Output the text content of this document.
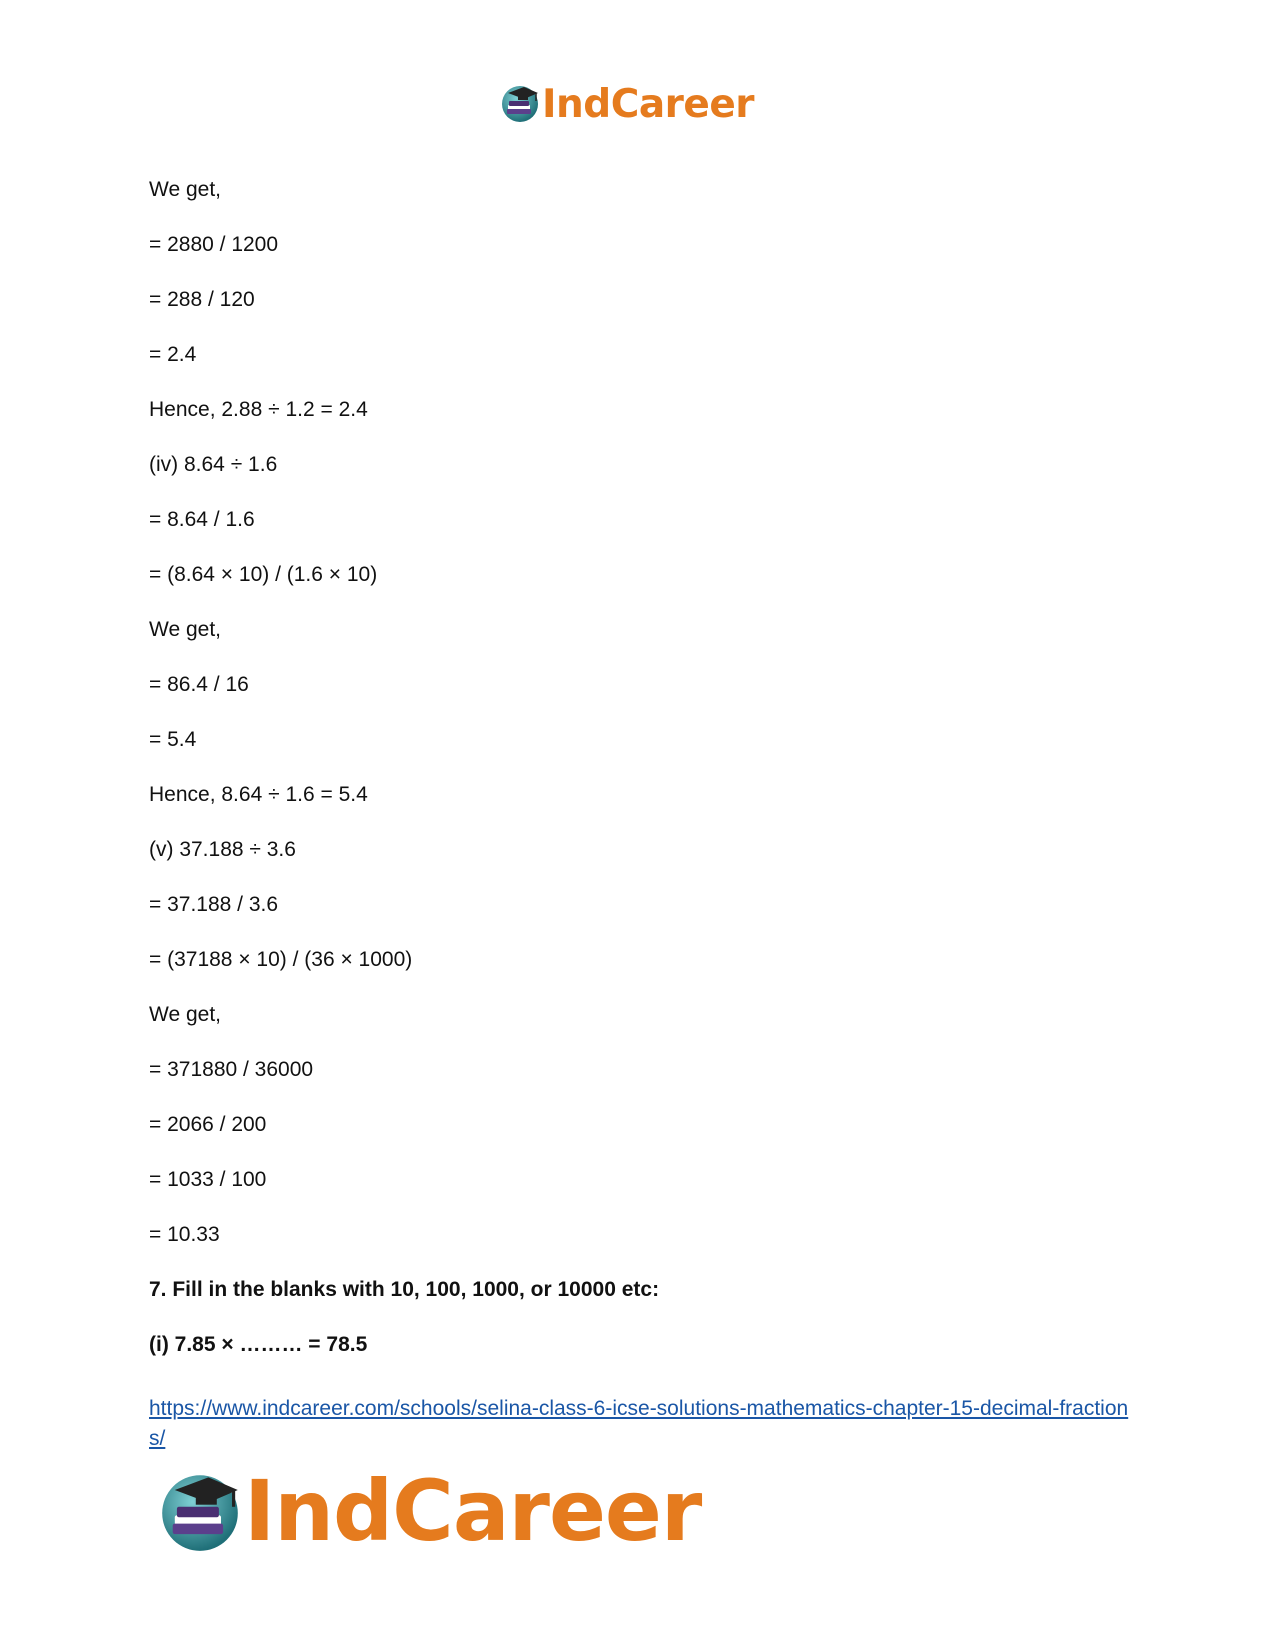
IndCareer
We get,
= 2880 / 1200
= 288 / 120
= 2.4
Hence, 2.88 ÷ 1.2 = 2.4
(iv) 8.64 ÷ 1.6
= 8.64 / 1.6
= (8.64 × 10) / (1.6 × 10)
We get,
= 86.4 / 16
= 5.4
Hence, 8.64 ÷ 1.6 = 5.4
(v) 37.188 ÷ 3.6
= 37.188 / 3.6
= (37188 × 10) / (36 × 1000)
We get,
= 371880 / 36000
= 2066 / 200
= 1033 / 100
= 10.33
7. Fill in the blanks with 10, 100, 1000, or 10000 etc:
(i) 7.85 × ……… = 78.5
https://www.indcareer.com/schools/selina-class-6-icse-solutions-mathematics-chapter-15-decimal-fractions/
IndCareer
